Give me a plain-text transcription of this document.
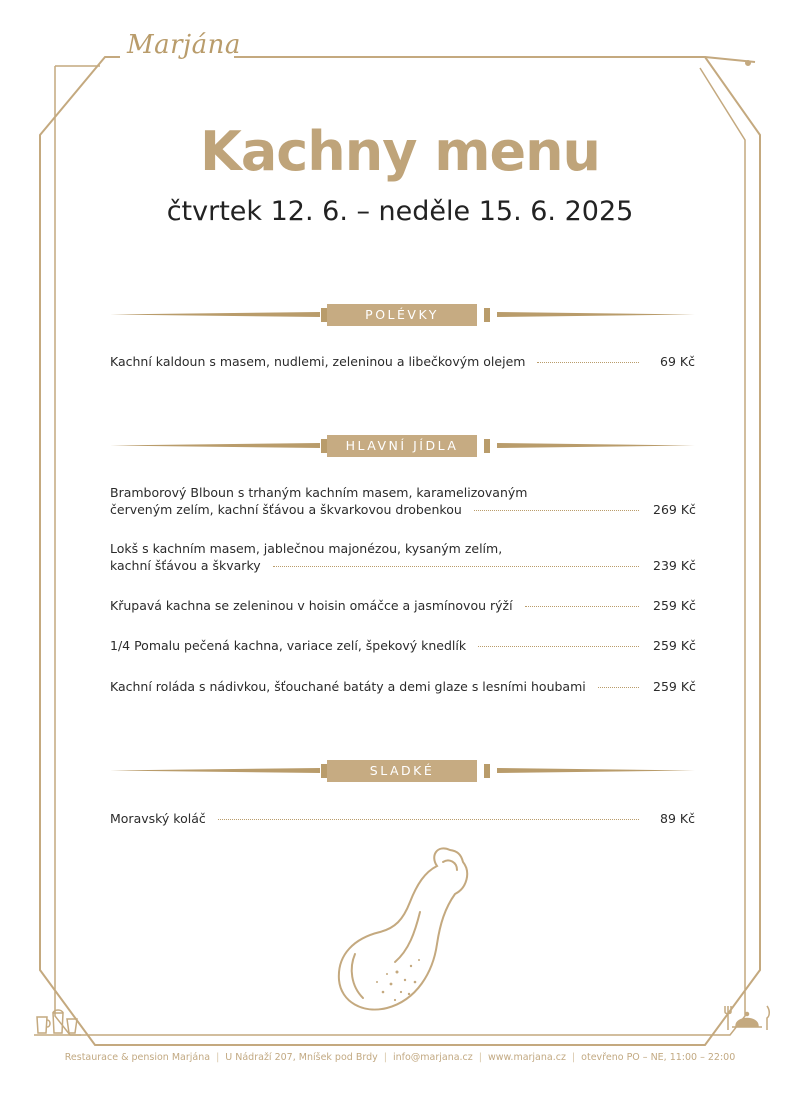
Marjána
Kachny menu
čtvrtek 12. 6. – neděle 15. 6. 2025
POLÉVKY
Kachní kaldoun s masem, nudlemi, zeleninou a libečkovým olejem	69 Kč
HLAVNÍ JÍDLA
Bramborový Blboun s trhaným kachním masem, karamelizovaným
červeným zelím, kachní šťávou a škvarkovou drobenkou	269 Kč
Lokš s kachním masem, jablečnou majonézou, kysaným zelím,
kachní šťávou a škvarky	239 Kč
Křupavá kachna se zeleninou v hoisin omáčce a jasmínovou rýží	259 Kč
1/4 Pomalu pečená kachna, variace zelí, špekový knedlík	259 Kč
Kachní roláda s nádivkou, šťouchané batáty a demi glaze s lesními houbami	259 Kč
SLADKÉ
Moravský koláč	89 Kč
Restaurace & pension Marjána | U Nádraží 207, Mníšek pod Brdy | info@marjana.cz | www.marjana.cz | otevřeno PO – NE, 11:00 – 22:00
